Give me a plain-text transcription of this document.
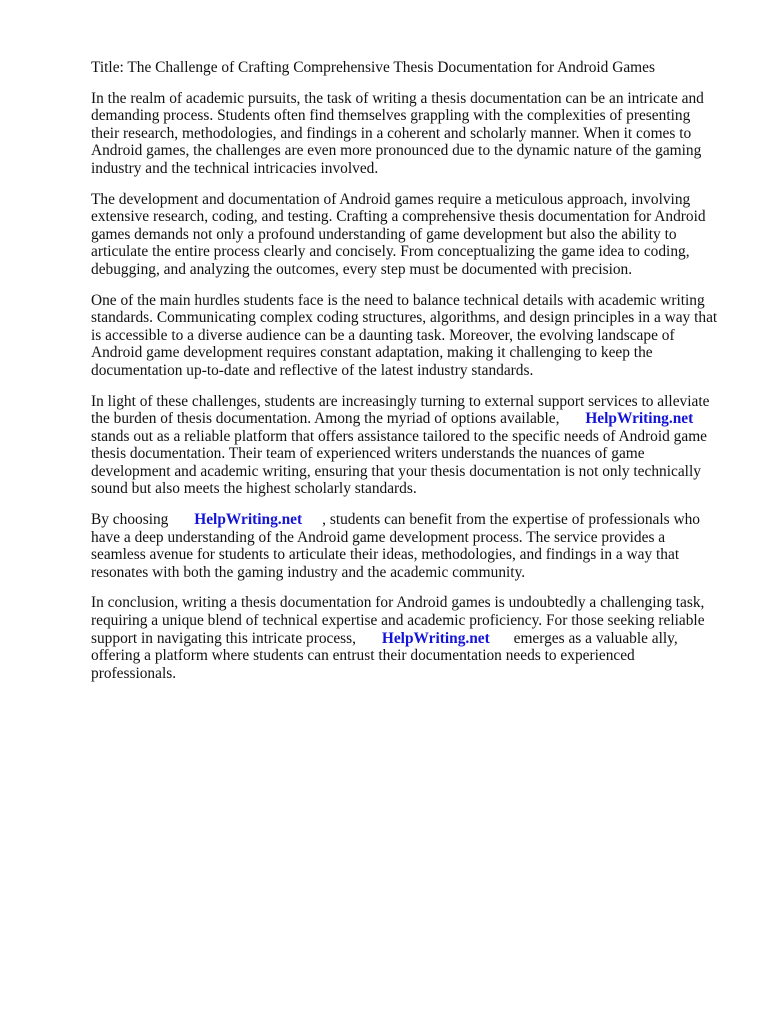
Title: The Challenge of Crafting Comprehensive Thesis Documentation for Android Games

In the realm of academic pursuits, the task of writing a thesis documentation can be an intricate and demanding process. Students often find themselves grappling with the complexities of presenting their research, methodologies, and findings in a coherent and scholarly manner. When it comes to Android games, the challenges are even more pronounced due to the dynamic nature of the gaming industry and the technical intricacies involved.

The development and documentation of Android games require a meticulous approach, involving extensive research, coding, and testing. Crafting a comprehensive thesis documentation for Android games demands not only a profound understanding of game development but also the ability to articulate the entire process clearly and concisely. From conceptualizing the game idea to coding, debugging, and analyzing the outcomes, every step must be documented with precision.

One of the main hurdles students face is the need to balance technical details with academic writing standards. Communicating complex coding structures, algorithms, and design principles in a way that is accessible to a diverse audience can be a daunting task. Moreover, the evolving landscape of Android game development requires constant adaptation, making it challenging to keep the documentation up-to-date and reflective of the latest industry standards.

In light of these challenges, students are increasingly turning to external support services to alleviate the burden of thesis documentation. Among the myriad of options available, HelpWriting.net stands out as a reliable platform that offers assistance tailored to the specific needs of Android game thesis documentation. Their team of experienced writers understands the nuances of game development and academic writing, ensuring that your thesis documentation is not only technically sound but also meets the highest scholarly standards.

By choosing HelpWriting.net , students can benefit from the expertise of professionals who have a deep understanding of the Android game development process. The service provides a seamless avenue for students to articulate their ideas, methodologies, and findings in a way that resonates with both the gaming industry and the academic community.

In conclusion, writing a thesis documentation for Android games is undoubtedly a challenging task, requiring a unique blend of technical expertise and academic proficiency. For those seeking reliable support in navigating this intricate process, HelpWriting.net emerges as a valuable ally, offering a platform where students can entrust their documentation needs to experienced professionals.
